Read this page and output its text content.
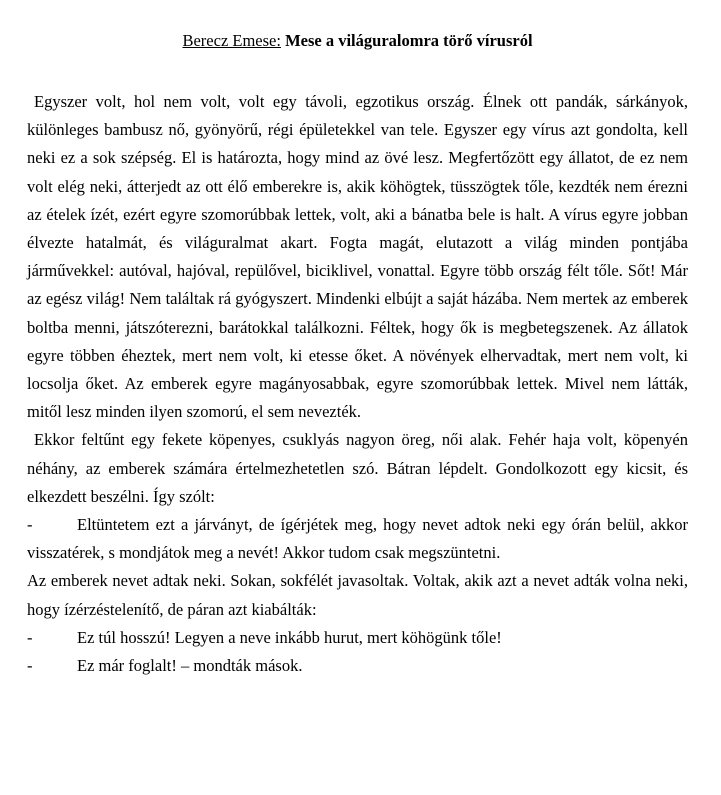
Berecz Emese: Mese a világuralomra törő vírusról

Egyszer volt, hol nem volt, volt egy távoli, egzotikus ország. Élnek ott pandák, sárkányok, különleges bambusz nő, gyönyörű, régi épületekkel van tele. Egyszer egy vírus azt gondolta, kell neki ez a sok szépség. El is határozta, hogy mind az övé lesz. Megfertőzött egy állatot, de ez nem volt elég neki, átterjedt az ott élő emberekre is, akik köhögtek, tüsszögtek tőle, kezdték nem érezni az ételek ízét, ezért egyre szomorúbbak lettek, volt, aki a bánatba bele is halt. A vírus egyre jobban élvezte hatalmát, és világuralmat akart. Fogta magát, elutazott a világ minden pontjába járművekkel: autóval, hajóval, repülővel, biciklivel, vonattal. Egyre több ország félt tőle. Sőt! Már az egész világ! Nem találtak rá gyógyszert. Mindenki elbújt a saját házába. Nem mertek az emberek boltba menni, játszóterezni, barátokkal találkozni. Féltek, hogy ők is megbetegszenek. Az állatok egyre többen éheztek, mert nem volt, ki etesse őket. A növények elhervadtak, mert nem volt, ki locsolja őket. Az emberek egyre magányosabbak, egyre szomorúbbak lettek. Mivel nem látták, mitől lesz minden ilyen szomorú, el sem nevezték.

Ekkor feltűnt egy fekete köpenyes, csuklyás nagyon öreg, női alak. Fehér haja volt, köpenyén néhány, az emberek számára értelmezhetetlen szó. Bátran lépdelt. Gondolkozott egy kicsit, és elkezdett beszélni. Így szólt:

-	Eltüntetem ezt a járványt, de ígérjétek meg, hogy nevet adtok neki egy órán belül, akkor visszatérek, s mondjátok meg a nevét! Akkor tudom csak megszüntetni.

Az emberek nevet adtak neki. Sokan, sokfélét javasoltak. Voltak, akik azt a nevet adták volna neki, hogy ízérzéstelenítő, de páran azt kiabálták:

-	Ez túl hosszú! Legyen a neve inkább hurut, mert köhögünk tőle!
-	Ez már foglalt! – mondták mások.
